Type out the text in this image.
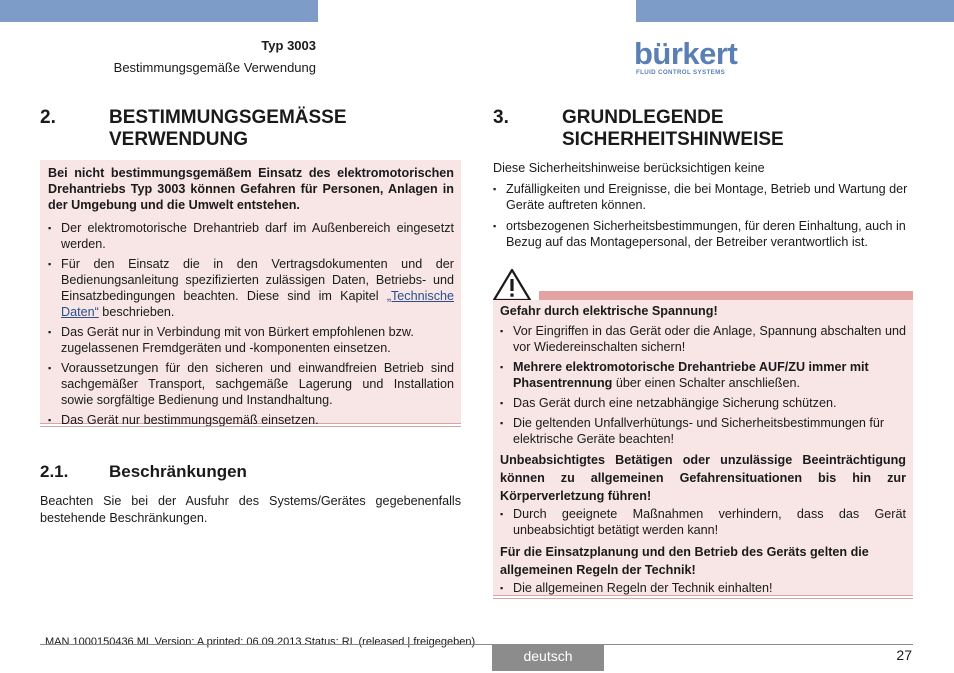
Typ 3003
Bestimmungsgemäße Verwendung	bürkert
FLUID CONTROL SYSTEMS
2.	BESTIMMUNGSGEMÄSSE
VERWENDUNG
Bei nicht bestimmungsgemäßem Einsatz des elektromotorischen Drehantriebs Typ 3003 können Gefahren für Personen, Anlagen in der Umgebung und die Umwelt entstehen.
▪ Der elektromotorische Drehantrieb darf im Außenbereich eingesetzt werden.
▪ Für den Einsatz die in den Vertragsdokumenten und der Bedienungsanleitung spezifizierten zulässigen Daten, Betriebs- und Einsatzbedingungen beachten. Diese sind im Kapitel „Technische Daten“ beschrieben.
▪ Das Gerät nur in Verbindung mit von Bürkert empfohlenen bzw. zugelassenen Fremdgeräten und -komponenten einsetzen.
▪ Voraussetzungen für den sicheren und einwandfreien Betrieb sind sachgemäßer Transport, sachgemäße Lagerung und Installation sowie sorgfältige Bedienung und Instandhaltung.
▪ Das Gerät nur bestimmungsgemäß einsetzen.
2.1. Beschränkungen
Beachten Sie bei der Ausfuhr des Systems/Gerätes gegebenenfalls bestehende Beschränkungen.
3.	GRUNDLEGENDE
SICHERHEITSHINWEISE
Diese Sicherheitshinweise berücksichtigen keine
▪ Zufälligkeiten und Ereignisse, die bei Montage, Betrieb und Wartung der Geräte auftreten können.
▪ ortsbezogenen Sicherheitsbestimmungen, für deren Einhaltung, auch in Bezug auf das Montagepersonal, der Betreiber verantwortlich ist.
Gefahr durch elektrische Spannung!
▪ Vor Eingriffen in das Gerät oder die Anlage, Spannung abschalten und vor Wiedereinschalten sichern!
▪ Mehrere elektromotorische Drehantriebe AUF/ZU immer mit Phasentrennung über einen Schalter anschließen.
▪ Das Gerät durch eine netzabhängige Sicherung schützen.
▪ Die geltenden Unfallverhütungs- und Sicherheitsbestimmungen für elektrische Geräte beachten!
Unbeabsichtigtes Betätigen oder unzulässige Beeinträchtigung können zu allgemeinen Gefahrensituationen bis hin zur Körperverletzung führen!
▪ Durch geeignete Maßnahmen verhindern, dass das Gerät unbeabsichtigt betätigt werden kann!
Für die Einsatzplanung und den Betrieb des Geräts gelten die allgemeinen Regeln der Technik!
▪ Die allgemeinen Regeln der Technik einhalten!
MAN 1000150436 ML Version: A printed: 06.09.2013 Status: RL (released | freigegeben)
deutsch	27
